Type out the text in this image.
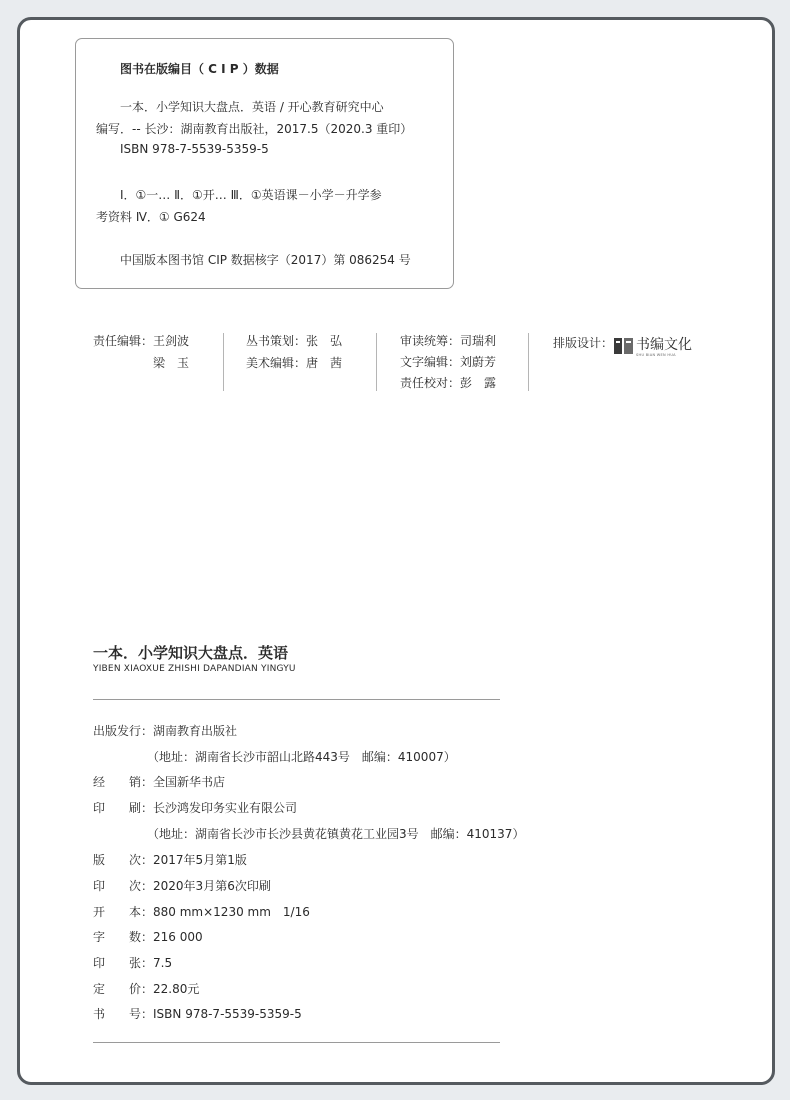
图书在版编目（ C I P ）数据
一本．小学知识大盘点．英语 / 开心教育研究中心
编写．-- 长沙：湖南教育出版社，2017.5（2020.3 重印）
ISBN 978-7-5539-5359-5
Ⅰ．①一… Ⅱ．①开… Ⅲ．①英语课－小学－升学参
考资料 Ⅳ．① G624
中国版本图书馆 CIP 数据核字（2017）第 086254 号
责任编辑：王剑波
梁　玉
丛书策划：张　弘
美术编辑：唐　茜
审读统筹：司瑞利
文字编辑：刘蔚芳
责任校对：彭　露
排版设计： 书编文化
SHU BIAN WEN HUA
一本．小学知识大盘点．英语
YIBEN XIAOXUE ZHISHI DAPANDIAN YINGYU
出版发行：湖南教育出版社
（地址：湖南省长沙市韶山北路443号　邮编：410007）
经　　销：全国新华书店
印　　刷：长沙鸿发印务实业有限公司
（地址：湖南省长沙市长沙县黄花镇黄花工业园3号　邮编：410137）
版　　次：2017年5月第1版
印　　次：2020年3月第6次印刷
开　　本：880 mm×1230 mm　1/16
字　　数：216 000
印　　张：7.5
定　　价：22.80元
书　　号：ISBN 978-7-5539-5359-5
